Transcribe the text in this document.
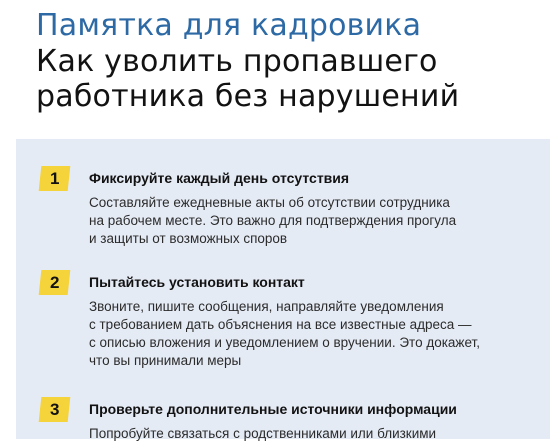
Памятка для кадровика
Как уволить пропавшего
работника без нарушений
1	Фиксируйте каждый день отсутствия
Составляйте ежедневные акты об отсутствии сотрудника
на рабочем месте. Это важно для подтверждения прогула
и защиты от возможных споров
2	Пытайтесь установить контакт
Звоните, пишите сообщения, направляйте уведомления
с требованием дать объяснения на все известные адреса —
с описью вложения и уведомлением о вручении. Это докажет,
что вы принимали меры
3	Проверьте дополнительные источники информации
Попробуйте связаться с родственниками или близкими
